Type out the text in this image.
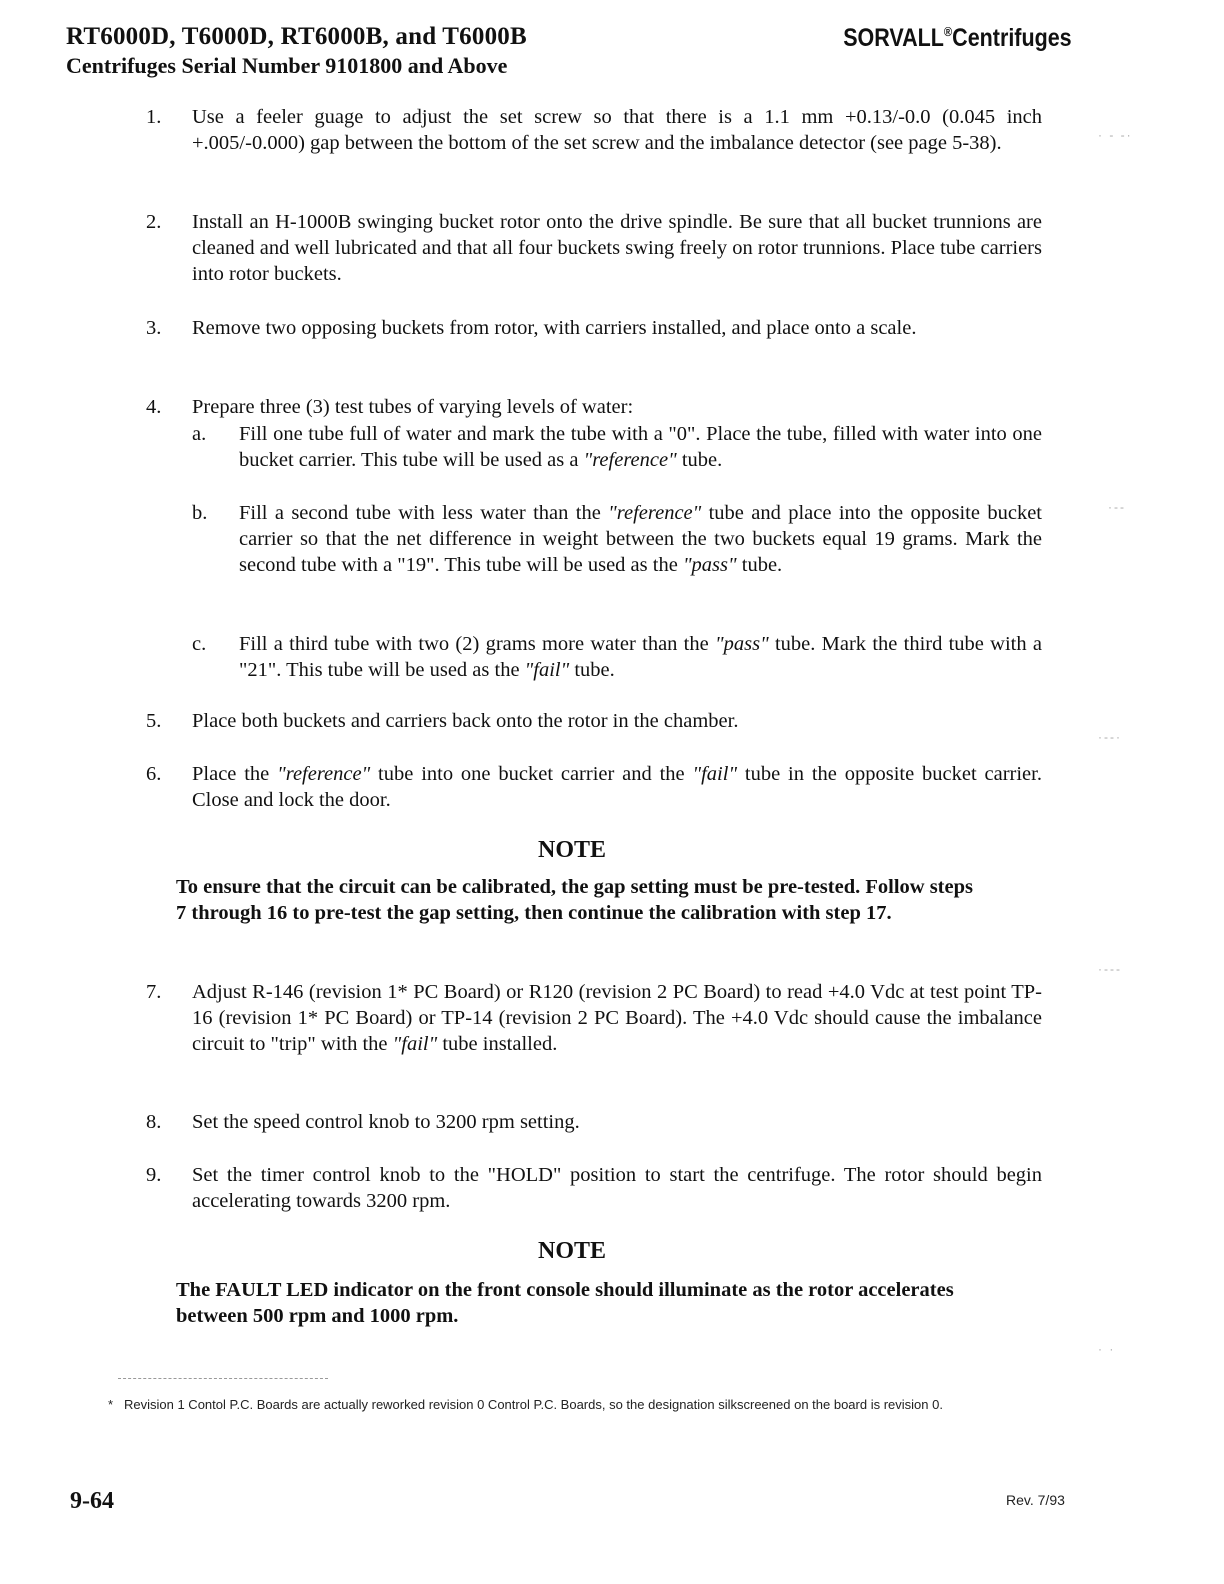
RT6000D, T6000D, RT6000B, and T6000B
Centrifuges Serial Number 9101800 and Above
SORVALL®Centrifuges
1.	Use a feeler guage to adjust the set screw so that there is a 1.1 mm +0.13/-0.0 (0.045 inch +.005/-0.000) gap between the bottom of the set screw and the imbalance detector (see page 5-38).
2.	Install an H-1000B swinging bucket rotor onto the drive spindle. Be sure that all bucket trunnions are cleaned and well lubricated and that all four buckets swing freely on rotor trunnions. Place tube carriers into rotor buckets.
3.	Remove two opposing buckets from rotor, with carriers installed, and place onto a scale.
4.	Prepare three (3) test tubes of varying levels of water:
a. Fill one tube full of water and mark the tube with a "0". Place the tube, filled with water into one bucket carrier. This tube will be used as a "reference" tube.
b. Fill a second tube with less water than the "reference" tube and place into the opposite bucket carrier so that the net difference in weight between the two buckets equal 19 grams. Mark the second tube with a "19". This tube will be used as the "pass" tube.
c. Fill a third tube with two (2) grams more water than the "pass" tube. Mark the third tube with a "21". This tube will be used as the "fail" tube.
5.	Place both buckets and carriers back onto the rotor in the chamber.
6.	Place the "reference" tube into one bucket carrier and the "fail" tube in the opposite bucket carrier. Close and lock the door.
NOTE
To ensure that the circuit can be calibrated, the gap setting must be pre-tested. Follow steps 7 through 16 to pre-test the gap setting, then continue the calibration with step 17.
7.	Adjust R-146 (revision 1* PC Board) or R120 (revision 2 PC Board) to read +4.0 Vdc at test point TP-16 (revision 1* PC Board) or TP-14 (revision 2 PC Board). The +4.0 Vdc should cause the imbalance circuit to "trip" with the "fail" tube installed.
8.	Set the speed control knob to 3200 rpm setting.
9.	Set the timer control knob to the "HOLD" position to start the centrifuge. The rotor should begin accelerating towards 3200 rpm.
NOTE
The FAULT LED indicator on the front console should illuminate as the rotor accelerates between 500 rpm and 1000 rpm.
* Revision 1 Contol P.C. Boards are actually reworked revision 0 Control P.C. Boards, so the designation silkscreened on the board is revision 0.
9-64	Rev. 7/93
· - -·
·--
·--·
·---
· ·
